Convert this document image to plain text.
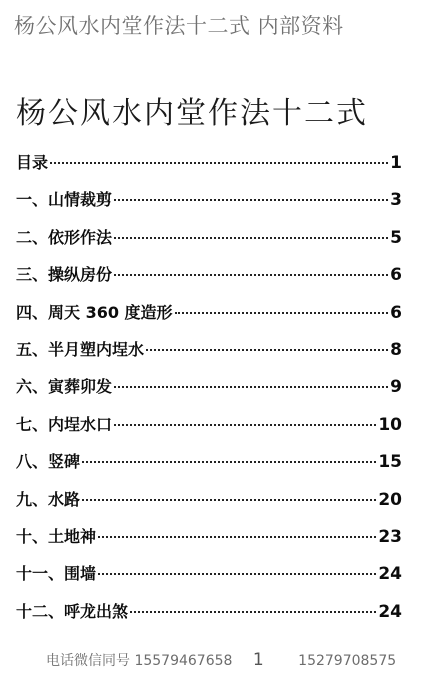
杨公风水内堂作法十二式 内部资料
杨公风水内堂作法十二式
目录	1
一、山情裁剪	3
二、依形作法	5
三、操纵房份	6
四、周天 360 度造形	6
五、半月塑内埕水	8
六、寅葬卯发	9
七、内埕水口	10
八、竖碑	15
九、水路	20
十、土地神	23
十一、围墙	24
十二、呼龙出煞	24
电话微信同号 15579467658 1 15279708575
